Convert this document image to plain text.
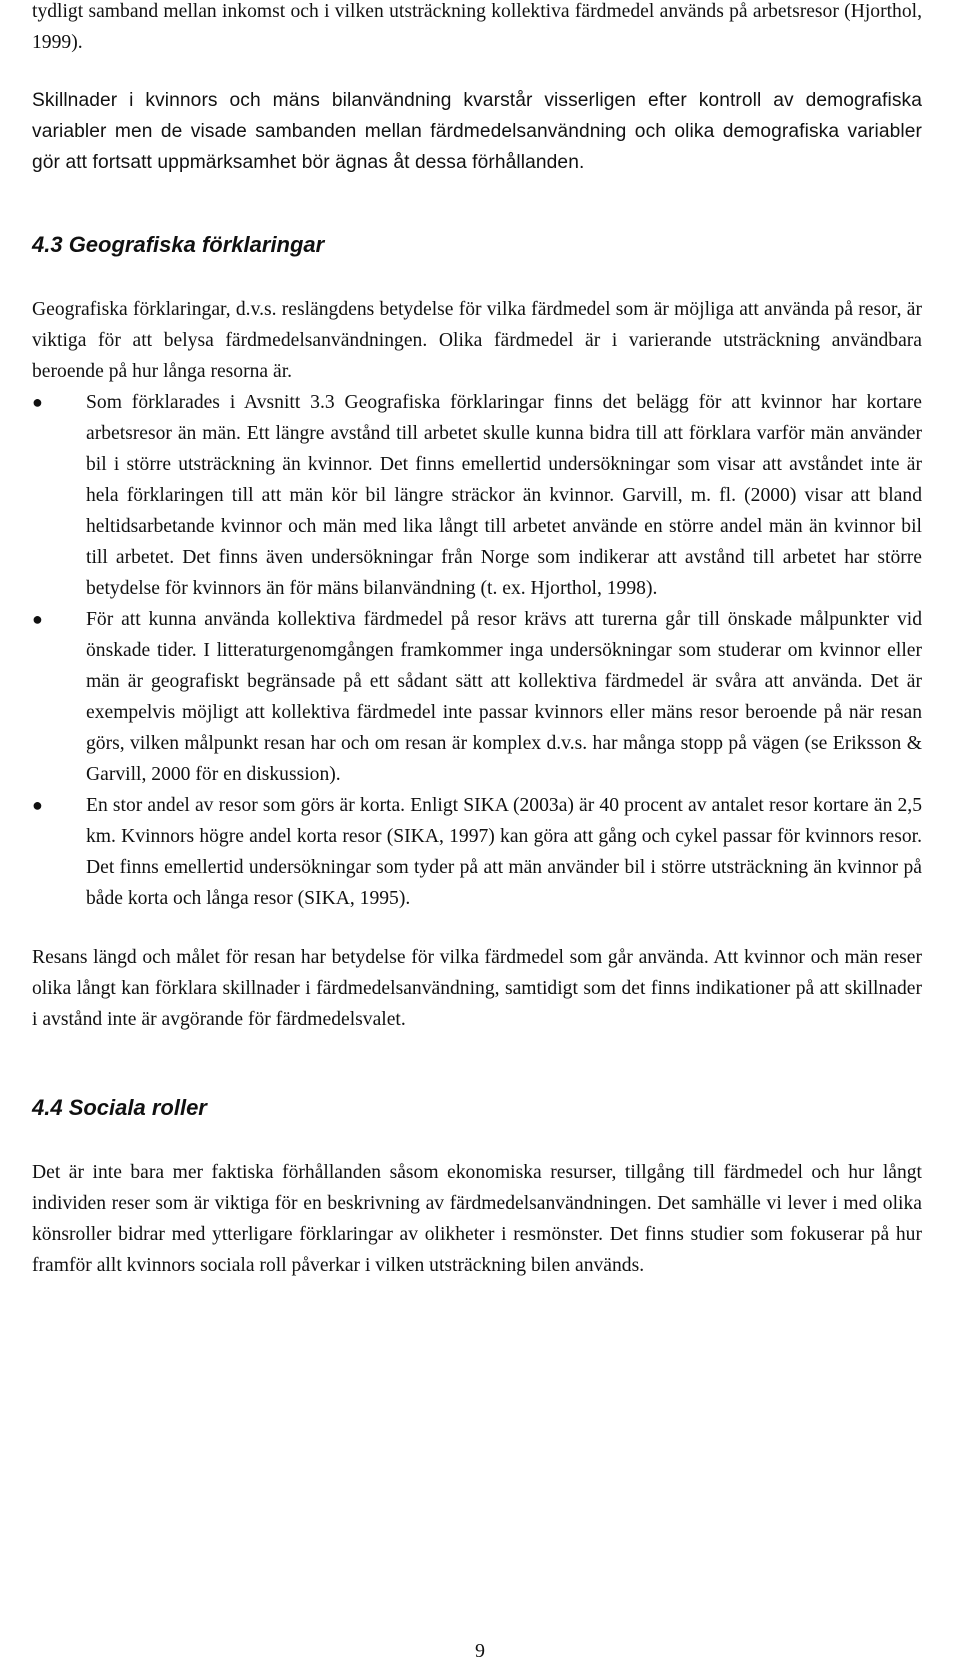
tydligt samband mellan inkomst och i vilken utsträckning kollektiva färdmedel används på arbetsresor (Hjorthol, 1999).

Skillnader i kvinnors och mäns bilanvändning kvarstår visserligen efter kontroll av demografiska variabler men de visade sambanden mellan färdmedelsanvändning och olika demografiska variabler gör att fortsatt uppmärksamhet bör ägnas åt dessa förhållanden.

4.3 Geografiska förklaringar

Geografiska förklaringar, d.v.s. reslängdens betydelse för vilka färdmedel som är möjliga att använda på resor, är viktiga för att belysa färdmedelsanvändningen. Olika färdmedel är i varierande utsträckning användbara beroende på hur långa resorna är.

●	Som förklarades i Avsnitt 3.3 Geografiska förklaringar finns det belägg för att kvinnor har kortare arbetsresor än män. Ett längre avstånd till arbetet skulle kunna bidra till att förklara varför män använder bil i större utsträckning än kvinnor. Det finns emellertid undersökningar som visar att avståndet inte är hela förklaringen till att män kör bil längre sträckor än kvinnor. Garvill, m. fl. (2000) visar att bland heltidsarbetande kvinnor och män med lika långt till arbetet använde en större andel män än kvinnor bil till arbetet. Det finns även undersökningar från Norge som indikerar att avstånd till arbetet har större betydelse för kvinnors än för mäns bilanvändning (t. ex. Hjorthol, 1998).
●	För att kunna använda kollektiva färdmedel på resor krävs att turerna går till önskade målpunkter vid önskade tider. I litteraturgenomgången framkommer inga undersökningar som studerar om kvinnor eller män är geografiskt begränsade på ett sådant sätt att kollektiva färdmedel är svåra att använda. Det är exempelvis möjligt att kollektiva färdmedel inte passar kvinnors eller mäns resor beroende på när resan görs, vilken målpunkt resan har och om resan är komplex d.v.s. har många stopp på vägen (se Eriksson & Garvill, 2000 för en diskussion).
●	En stor andel av resor som görs är korta. Enligt SIKA (2003a) är 40 procent av antalet resor kortare än 2,5 km. Kvinnors högre andel korta resor (SIKA, 1997) kan göra att gång och cykel passar för kvinnors resor. Det finns emellertid undersökningar som tyder på att män använder bil i större utsträckning än kvinnor på både korta och långa resor (SIKA, 1995).

Resans längd och målet för resan har betydelse för vilka färdmedel som går använda. Att kvinnor och män reser olika långt kan förklara skillnader i färdmedelsanvändning, samtidigt som det finns indikationer på att skillnader i avstånd inte är avgörande för färdmedelsvalet.

4.4 Sociala roller

Det är inte bara mer faktiska förhållanden såsom ekonomiska resurser, tillgång till färdmedel och hur långt individen reser som är viktiga för en beskrivning av färdmedelsanvändningen. Det samhälle vi lever i med olika könsroller bidrar med ytterligare förklaringar av olikheter i resmönster. Det finns studier som fokuserar på hur framför allt kvinnors sociala roll påverkar i vilken utsträckning bilen används.

9
